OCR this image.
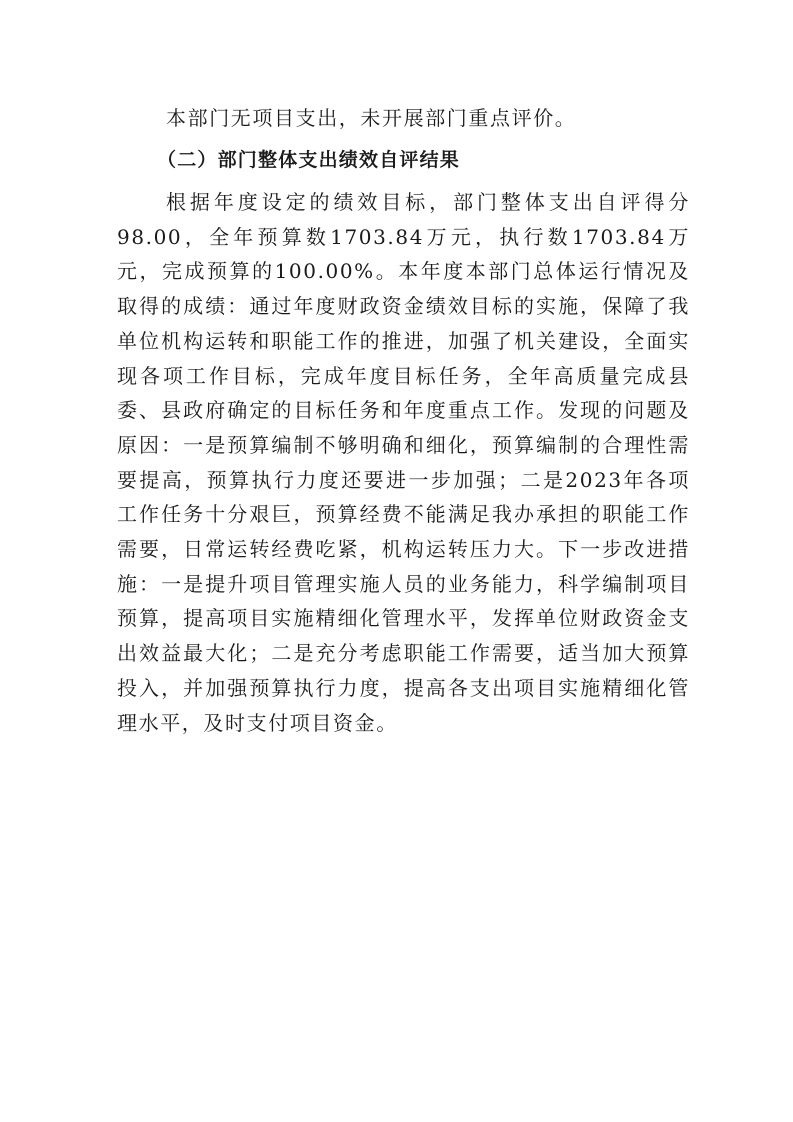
本部门无项目支出，未开展部门重点评价。

（二）部门整体支出绩效自评结果

根据年度设定的绩效目标，部门整体支出自评得分98.00，全年预算数1703.84万元，执行数1703.84万元，完成预算的100.00%。本年度本部门总体运行情况及取得的成绩：通过年度财政资金绩效目标的实施，保障了我单位机构运转和职能工作的推进，加强了机关建设，全面实现各项工作目标，完成年度目标任务，全年高质量完成县委、县政府确定的目标任务和年度重点工作。发现的问题及原因：一是预算编制不够明确和细化，预算编制的合理性需要提高，预算执行力度还要进一步加强；二是2023年各项工作任务十分艰巨，预算经费不能满足我办承担的职能工作需要，日常运转经费吃紧，机构运转压力大。下一步改进措施：一是提升项目管理实施人员的业务能力，科学编制项目预算，提高项目实施精细化管理水平，发挥单位财政资金支出效益最大化；二是充分考虑职能工作需要，适当加大预算投入，并加强预算执行力度，提高各支出项目实施精细化管理水平，及时支付项目资金。
